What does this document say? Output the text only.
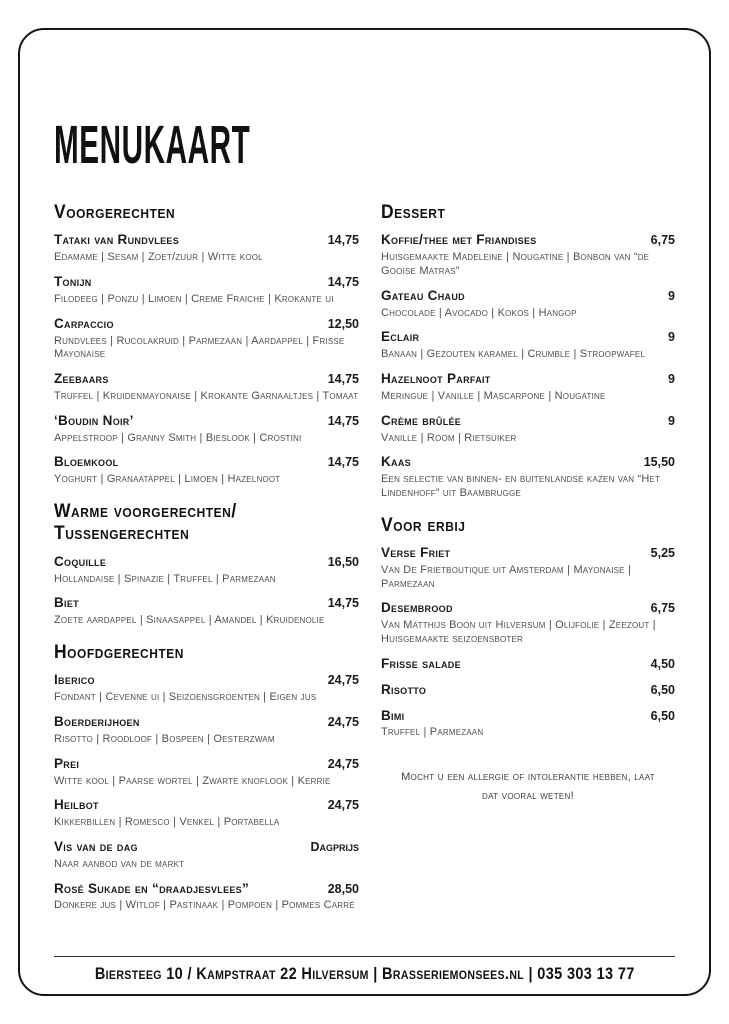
MENUKAART
Voorgerechten
Tataki van Rundvlees	14,75
Edamame | Sesam | Zoet/zuur | Witte kool
Tonijn	14,75
Filodeeg | Ponzu | Limoen | Creme Fraiche | Krokante ui
Carpaccio	12,50
Rundvlees | Rucolakruid | Parmezaan | Aardappel | Frisse Mayonaise
Zeebaars	14,75
Truffel | Kruidenmayonaise | Krokante Garnaaltjes | Tomaat
‘Boudin Noir’	14,75
Appelstroop | Granny Smith | Bieslook | Crostini
Bloemkool	14,75
Yoghurt | Granaatappel | Limoen | Hazelnoot
Warme voorgerechten/ Tussengerechten
Coquille	16,50
Hollandaise | Spinazie | Truffel | Parmezaan
Biet	14,75
Zoete aardappel | Sinaasappel | Amandel | Kruidenolie
Hoofdgerechten
Iberico	24,75
Fondant | Cevenne ui | Seizoensgroenten | Eigen jus
Boerderijhoen	24,75
Risotto | Roodloof | Bospeen | Oesterzwam
Prei	24,75
Witte kool | Paarse wortel | Zwarte knoflook | Kerrie
Heilbot	24,75
Kikkerbillen | Romesco | Venkel | Portabella
Vis van de dag	Dagprijs
Naar aanbod van de markt
Rosé Sukade en “draadjesvlees”	28,50
Donkere jus | Witlof | Pastinaak | Pompoen | Pommes Carré
Dessert
Koffie/thee met Friandises	6,75
Huisgemaakte Madeleine | Nougatine | Bonbon van “de Gooise Matras”
Gateau Chaud	9
Chocolade | Avocado | Kokos | Hangop
Eclair	9
Banaan | Gezouten karamel | Crumble | Stroopwafel
Hazelnoot Parfait	9
Meringue | Vanille | Mascarpone | Nougatine
Crème brûlée	9
Vanille | Room | Rietsuiker
Kaas	15,50
Een selectie van binnen- en buitenlandse kazen van “Het Lindenhoff” uit Baambrugge
Voor erbij
Verse Friet	5,25
Van De Frietboutique uit Amsterdam | Mayonaise | Parmezaan
Desembrood	6,75
Van Matthijs Boon uit Hilversum | Olijfolie | Zeezout | Huisgemaakte seizoensboter
Frisse salade	4,50
Risotto	6,50
Bimi	6,50
Truffel | Parmezaan
Mocht u een allergie of intolerantie hebben, laat dat vooral weten!
Biersteeg 10 / Kampstraat 22 Hilversum | Brasseriemonsees.nl | 035 303 13 77
